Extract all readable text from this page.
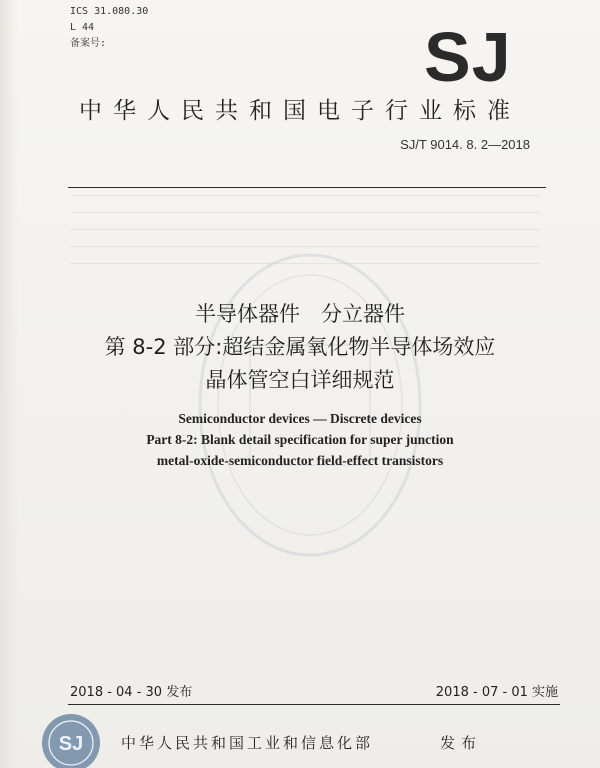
ICS 31.080.30
L 44
备案号:	SJ
中华人民共和国电子行业标准
SJ/T 9014. 8. 2—2018
半导体器件　分立器件
第 8-2 部分:超结金属氧化物半导体场效应
晶体管空白详细规范
Semiconductor devices — Discrete devices
Part 8-2: Blank detail specification for super junction
metal-oxide-semiconductor field-effect transistors
2018 - 04 - 30 发布	2018 - 07 - 01 实施
SJ	中华人民共和国工业和信息化部	发布
